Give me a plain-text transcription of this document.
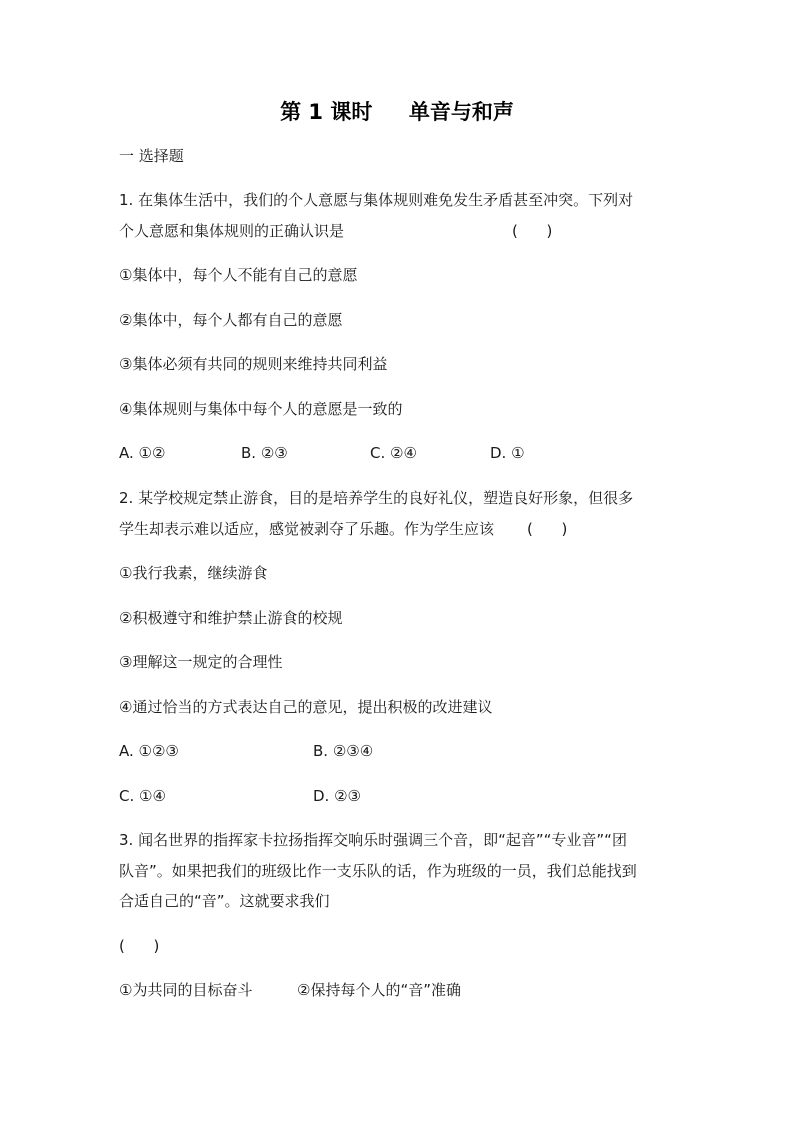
第 1 课时 单音与和声
一 选择题
1. 在集体生活中，我们的个人意愿与集体规则难免发生矛盾甚至冲突。下列对
个人意愿和集体规则的正确认识是	(      )
①集体中，每个人不能有自己的意愿
②集体中，每个人都有自己的意愿
③集体必须有共同的规则来维持共同利益
④集体规则与集体中每个人的意愿是一致的
A. ①②	B. ②③	C. ②④	D. ①
2. 某学校规定禁止游食，目的是培养学生的良好礼仪，塑造良好形象，但很多
学生却表示难以适应，感觉被剥夺了乐趣。作为学生应该	(      )
①我行我素，继续游食
②积极遵守和维护禁止游食的校规
③理解这一规定的合理性
④通过恰当的方式表达自己的意见，提出积极的改进建议
A. ①②③	B. ②③④
C. ①④	D. ②③
3. 闻名世界的指挥家卡拉扬指挥交响乐时强调三个音，即“起音”“专业音”“团
队音”。如果把我们的班级比作一支乐队的话，作为班级的一员，我们总能找到
合适自己的“音”。这就要求我们
(      )
①为共同的目标奋斗	②保持每个人的“音”准确
